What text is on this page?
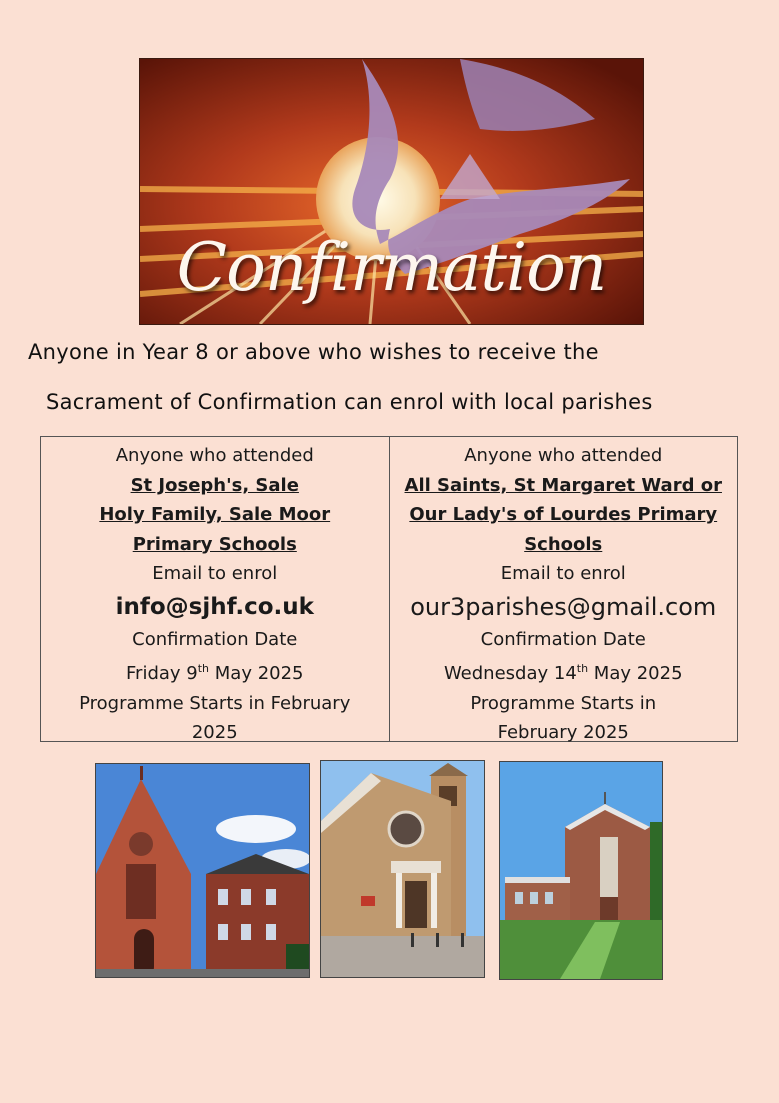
Confirmation
Anyone in Year 8 or above who wishes to receive the
Sacrament of Confirmation can enrol with local parishes
Anyone who attended
St Joseph's, Sale
Holy Family, Sale Moor
Primary Schools
Email to enrol
info@sjhf.co.uk
Confirmation Date
Friday 9th May 2025
Programme Starts in February
2025
Anyone who attended
All Saints, St Margaret Ward or
Our Lady's of Lourdes Primary
Schools
Email to enrol
our3parishes@gmail.com
Confirmation Date
Wednesday 14th May 2025
Programme Starts in
February 2025
